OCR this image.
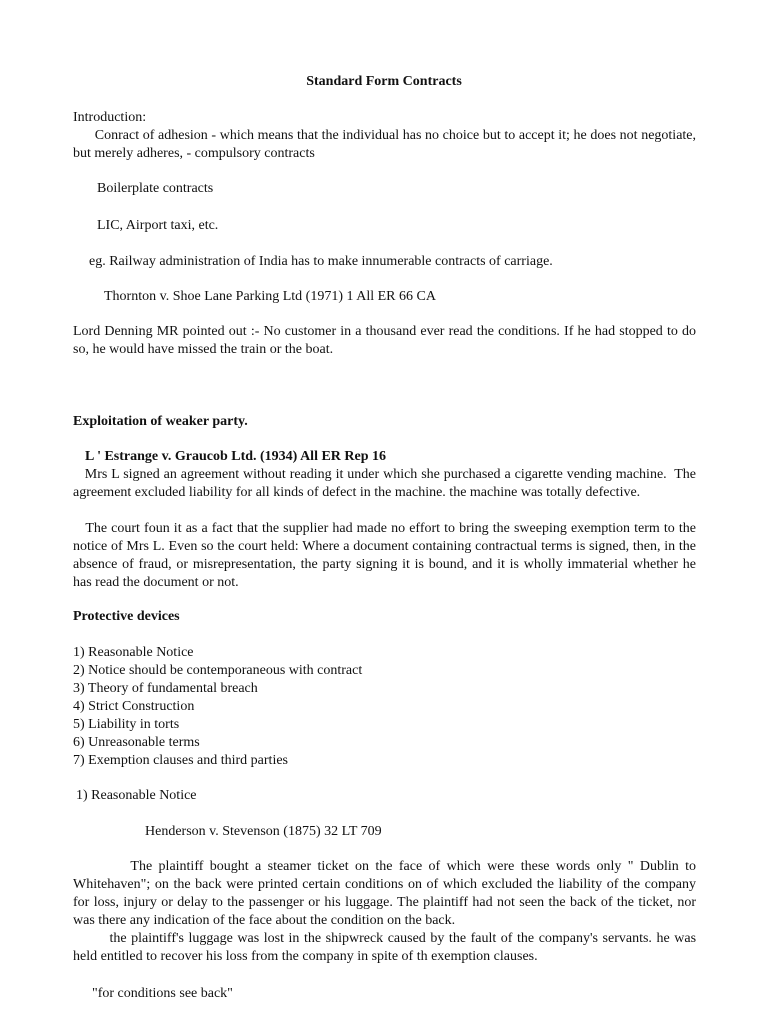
Standard Form Contracts
Introduction:
Conract of adhesion - which means that the individual has no choice but to accept it; he does not negotiate, but merely adheres, - compulsory contracts
Boilerplate contracts
LIC, Airport taxi, etc.
eg. Railway administration of India has to make innumerable contracts of carriage.
Thornton v. Shoe Lane Parking Ltd (1971) 1 All ER 66 CA
Lord Denning MR pointed out :- No customer in a thousand ever read the conditions. If he had stopped to do so, he would have missed the train or the boat.
Exploitation of weaker party.
L ' Estrange v. Graucob Ltd. (1934) All ER Rep 16
Mrs L signed an agreement without reading it under which she purchased a cigarette vending machine.  The agreement excluded liability for all kinds of defect in the machine. the machine was totally defective.
The court foun it as a fact that the supplier had made no effort to bring the sweeping exemption term to the notice of Mrs L. Even so the court held: Where a document containing contractual terms is signed, then, in the absence of fraud, or misrepresentation, the party signing it is bound, and it is wholly immaterial whether he has read the document or not.
Protective devices
1) Reasonable Notice
2) Notice should be contemporaneous with contract
3) Theory of fundamental breach
4) Strict Construction
5) Liability in torts
6) Unreasonable terms
7) Exemption clauses and third parties
1) Reasonable Notice
Henderson v. Stevenson (1875) 32 LT 709
The plaintiff bought a steamer ticket on the face of which were these words only " Dublin to Whitehaven"; on the back were printed certain conditions on of which excluded the liability of the company for loss, injury or delay to the passenger or his luggage. The plaintiff had not seen the back of the ticket, nor was there any indication of the face about the condition on the back.
the plaintiff's luggage was lost in the shipwreck caused by the fault of the company's servants. he was held entitled to recover his loss from the company in spite of th exemption clauses.
"for conditions see back"
